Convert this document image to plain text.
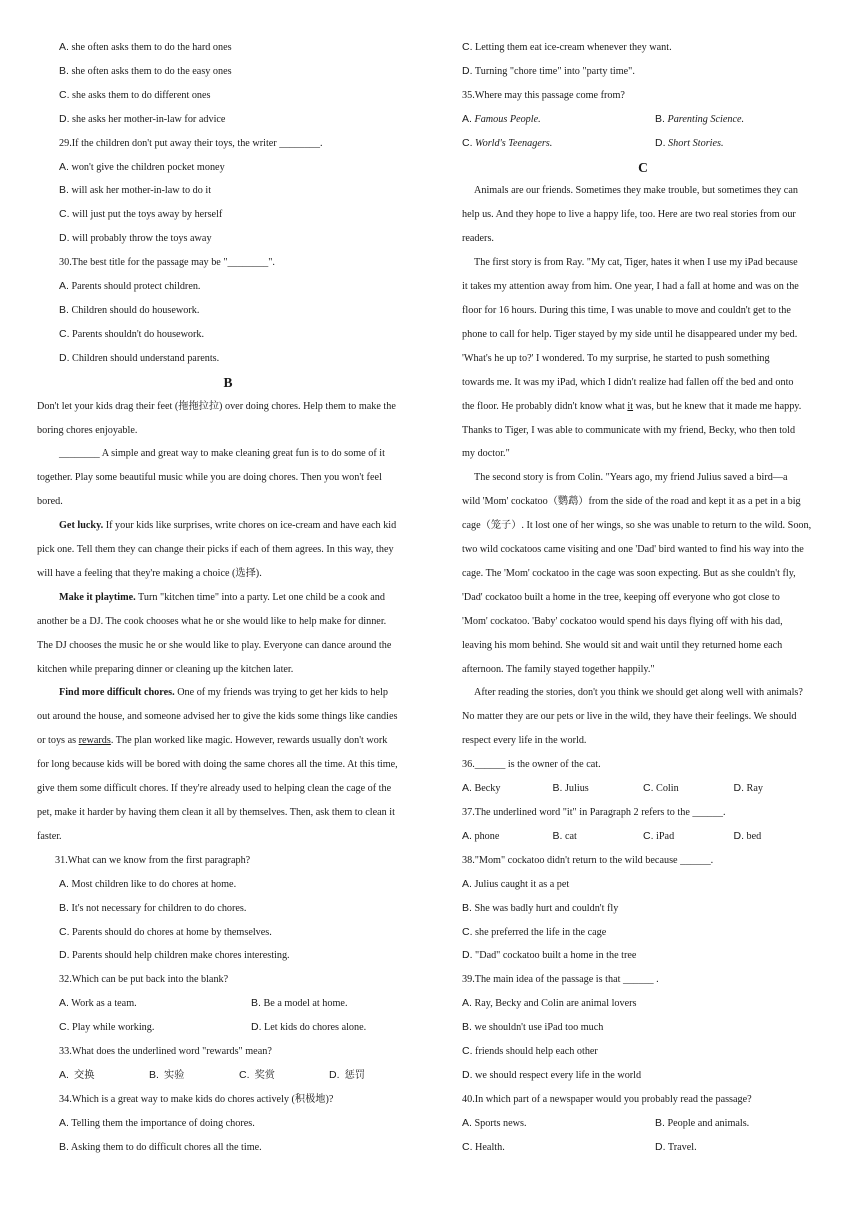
A. she often asks them to do the hard ones
B. she often asks them to do the easy ones
C. she asks them to do different ones
D. she asks her mother-in-law for advice
29.If the children don't put away their toys, the writer ________.
A. won't give the children pocket money
B. will ask her mother-in-law to do it
C. will just put the toys away by herself
D. will probably throw the toys away
30.The best title for the passage may be "________".
A. Parents should protect children.
B. Children should do housework.
C. Parents shouldn't do housework.
D. Children should understand parents.
B
Don't let your kids drag their feet (拖拖拉拉) over doing chores. Help them to make the
boring chores enjoyable.
________ A simple and great way to make cleaning great fun is to do some of it
together. Play some beautiful music while you are doing chores. Then you won't feel
bored.
Get lucky. If your kids like surprises, write chores on ice-cream and have each kid
pick one. Tell them they can change their picks if each of them agrees. In this way, they
will have a feeling that they're making a choice (选择).
Make it playtime. Turn "kitchen time" into a party. Let one child be a cook and
another be a DJ. The cook chooses what he or she would like to help make for dinner.
The DJ chooses the music he or she would like to play. Everyone can dance around the
kitchen while preparing dinner or cleaning up the kitchen later.
Find more difficult chores. One of my friends was trying to get her kids to help
out around the house, and someone advised her to give the kids some things like candies
or toys as rewards. The plan worked like magic. However, rewards usually don't work
for long because kids will be bored with doing the same chores all the time. At this time,
give them some difficult chores. If they're already used to helping clean the cage of the
pet, make it harder by having them clean it all by themselves. Then, ask them to clean it
faster.
31.What can we know from the first paragraph?
A. Most children like to do chores at home.
B. It's not necessary for children to do chores.
C. Parents should do chores at home by themselves.
D. Parents should help children make chores interesting.
32.Which can be put back into the blank?
A. Work as a team.	B. Be a model at home.
C. Play while working.	D. Let kids do chores alone.
33.What does the underlined word "rewards" mean?
A. 交换	B. 实验	C. 奖赏	D. 惩罚
34.Which is a great way to make kids do chores actively (积极地)?
A. Telling them the importance of doing chores.
B. Asking them to do difficult chores all the time.
C. Letting them eat ice-cream whenever they want.
D. Turning "chore time" into "party time".
35.Where may this passage come from?
A. Famous People.	B. Parenting Science.
C. World's Teenagers.	D. Short Stories.
C
Animals are our friends. Sometimes they make trouble, but sometimes they can
help us. And they hope to live a happy life, too. Here are two real stories from our
readers.
The first story is from Ray. "My cat, Tiger, hates it when I use my iPad because
it takes my attention away from him. One year, I had a fall at home and was on the
floor for 16 hours. During this time, I was unable to move and couldn't get to the
phone to call for help. Tiger stayed by my side until he disappeared under my bed.
'What's he up to?' I wondered. To my surprise, he started to push something
towards me. It was my iPad, which I didn't realize had fallen off the bed and onto
the floor. He probably didn't know what it was, but he knew that it made me happy.
Thanks to Tiger, I was able to communicate with my friend, Becky, who then told
my doctor."
The second story is from Colin. "Years ago, my friend Julius saved a bird—a
wild 'Mom' cockatoo（鹦鹉）from the side of the road and kept it as a pet in a big
cage（笼子）. It lost one of her wings, so she was unable to return to the wild. Soon,
two wild cockatoos came visiting and one 'Dad' bird wanted to find his way into the
cage. The 'Mom' cockatoo in the cage was soon expecting. But as she couldn't fly,
'Dad' cockatoo built a home in the tree, keeping off everyone who got close to
'Mom' cockatoo. 'Baby' cockatoo would spend his days flying off with his dad,
leaving his mom behind. She would sit and wait until they returned home each
afternoon. The family stayed together happily."
After reading the stories, don't you think we should get along well with animals?
No matter they are our pets or live in the wild, they have their feelings. We should
respect every life in the world.
36.______ is the owner of the cat.
A. Becky	B. Julius	C. Colin	D. Ray
37.The underlined word "it" in Paragraph 2 refers to the ______.
A. phone	B. cat	C. iPad	D. bed
38."Mom" cockatoo didn't return to the wild because ______.
A. Julius caught it as a pet
B. She was badly hurt and couldn't fly
C. she preferred the life in the cage
D. "Dad" cockatoo built a home in the tree
39.The main idea of the passage is that ______ .
A. Ray, Becky and Colin are animal lovers
B. we shouldn't use iPad too much
C. friends should help each other
D. we should respect every life in the world
40.In which part of a newspaper would you probably read the passage?
A. Sports news.	B. People and animals.
C. Health.	D. Travel.
